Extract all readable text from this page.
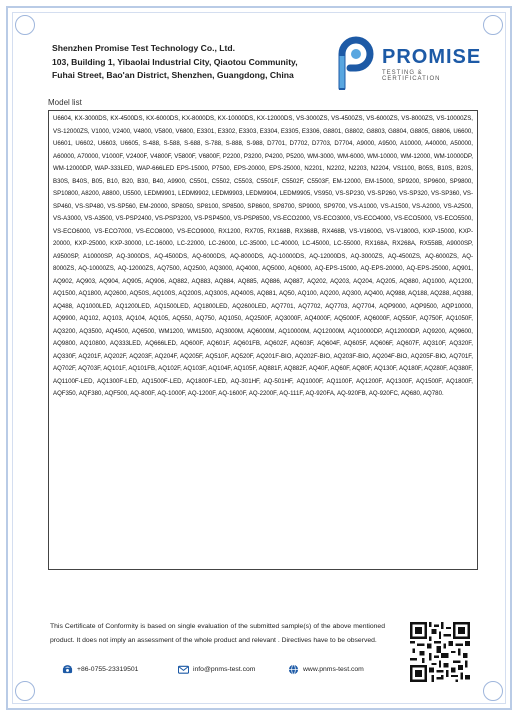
Shenzhen Promise Test Technology Co., Ltd.
103, Building 1, Yibaolai Industrial City, Qiaotou Community,
Fuhai Street, Bao'an District, Shenzhen, Guangdong, China
PROMISE
TESTING & CERTIFICATION
Model list
U6604, KX-3000DS, KX-4500DS, KX-6000DS, KX-8000DS, KX-10000DS, KX-12000DS, VS-3000ZS, VS-4500ZS, VS-6000ZS, VS-8000ZS, VS-10000ZS, VS-12000ZS, V1000, V2400, V4800, V5800, V6800, E3301, E3302, E3303, E3304, E3305, E3306, G8801, G8802, G8803, G8804, G8805, G8806, U6600, U6601, U6602, U6603, U6605, S-488, S-588, S-688, S-788, S-888, S-988, D7701, D7702, D7703, D7704, A9000, A9500, A10000, A40000, A50000, A60000, A70000, V1000F, V2400F, V4800F, V5800F, V6800F, P2200, P3200, P4200, P5200, WM-3000, WM-6000, WM-10000, WM-12000, WM-10000DP, WM-12000DP, WAP-333LED, WAP-666LED EPS-15000, P7500, EPS-20000, EPS-25000, N2201, N2202, N2203, N2204, VS1100, B05S, B10S, B20S, B30S, B40S, B05, B10, B20, B30, B40, A9900, C5501, C5502, C5503, C5501F, C5502F, C5503F, EM-12000, EM-15000, SP9200, SP9600, SP9800, SP10800, A8200, A8800, U5500, LEDM9901, LEDM9902, LEDM9903, LEDM9904, LEDM9905, VS950, VS-SP230, VS-SP260, VS-SP320, VS-SP360, VS-SP460, VS-SP480, VS-SP560, EM-20000, SP8050, SP8100, SP8500, SP8600, SP8700, SP9000, SP9700, VS-A1000, VS-A1500, VS-A2000, VS-A2500, VS-A3000, VS-A3500, VS-PSP2400, VS-PSP3200, VS-PSP4500, VS-PSP8500, VS-ECO2000, VS-ECO3000, VS-ECO4000, VS-ECO5000, VS-ECO5500, VS-ECO6000, VS-ECO7000, VS-ECO8000, VS-ECO9000, RX1200, RX705, RX168B, RX368B, RX468B, VS-V1600G, VS-V1800G, KXP-15000, KXP-20000, KXP-25000, KXP-30000, LC-16000, LC-22000, LC-26000, LC-35000, LC-40000, LC-45000, LC-55000, RX168A, RX268A, RX558B, A9000SP, A9500SP, A10000SP, AQ-3000DS, AQ-4500DS, AQ-6000DS, AQ-8000DS, AQ-10000DS, AQ-12000DS, AQ-3000ZS, AQ-4500ZS, AQ-6000ZS, AQ-8000ZS, AQ-10000ZS, AQ-12000ZS, AQ7500, AQ2500, AQ3000, AQ4000, AQ5000, AQ6000, AQ-EPS-15000, AQ-EPS-20000, AQ-EPS-25000, AQ901, AQ902, AQ903, AQ904, AQ905, AQ906, AQ882, AQ883, AQ884, AQ885, AQ886, AQ887, AQ202, AQ203, AQ204, AQ205, AQ880, AQ1000, AQ1200, AQ1500, AQ1800, AQ2600, AQ50S, AQ100S, AQ200S, AQ300S, AQ400S, AQ881, AQ50, AQ100, AQ200, AQ300, AQ400, AQ988, AQ188, AQ288, AQ388, AQ488, AQ1000LED, AQ1200LED, AQ1500LED, AQ1800LED, AQ2600LED, AQ7701, AQ7702, AQ7703, AQ7704, AQP9000, AQP9500, AQP10000, AQ9900, AQ102, AQ103, AQ104, AQ105, AQ550, AQ750, AQ1050, AQ2500F, AQ3000F, AQ4000F, AQ5000F, AQ6000F, AQ550F, AQ750F, AQ1050F, AQ3200, AQ3500, AQ4500, AQ6500, WM1200, WM1500, AQ3000M, AQ6000M, AQ10000M, AQ12000M, AQ10000DP, AQ12000DP, AQ9200, AQ9600, AQ9800, AQ10800, AQ333LED, AQ666LED, AQ600F, AQ601F, AQ601FB, AQ602F, AQ603F, AQ604F, AQ605F, AQ606F, AQ607F, AQ310F, AQ320F, AQ330F, AQ201F, AQ202F, AQ203F, AQ204F, AQ205F, AQ510F, AQ520F, AQ201F-BIO, AQ202F-BIO, AQ203F-BIO, AQ204F-BIO, AQ205F-BIO, AQ701F, AQ702F, AQ703F, AQ101F, AQ101FB, AQ102F, AQ103F, AQ104F, AQ105F, AQ881F, AQ882F, AQ40F, AQ60F, AQ80F, AQ130F, AQ180F, AQ280F, AQ380F, AQ1100F-LED, AQ1300F-LED, AQ1500F-LED, AQ1800F-LED, AQ-301HF, AQ-501HF, AQ1000F, AQ1100F, AQ1200F, AQ1300F, AQ1500F, AQ1800F, AQF350, AQF380, AQF500, AQ-800F, AQ-1000F, AQ-1200F, AQ-1600F, AQ-2200F, AQ-111F, AQ-920FA, AQ-920FB, AQ-920FC, AQ680, AQ780.
This Certificate of Conformity is based on single evaluation of the submitted sample(s) of the above mentioned product. It does not imply an assessment of the whole product and relevant . Directives have to be observed.
+86-0755-23319501	info@pnms-test.com	www.pnms-test.com
